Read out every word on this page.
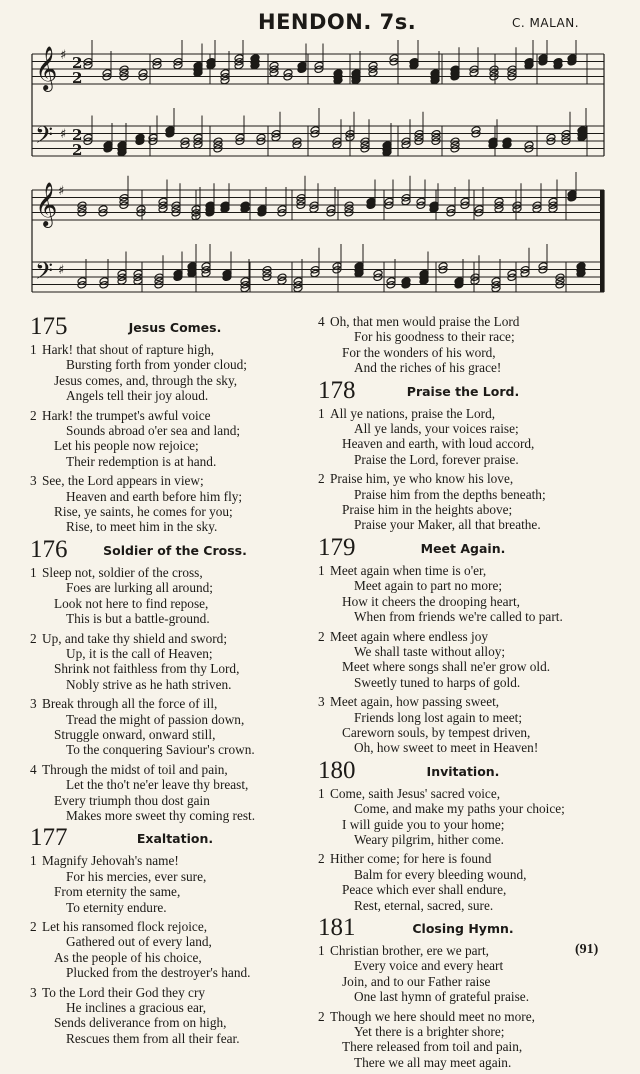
HENDON. 7s.	C. MALAN.
𝄞 ♯ 2
2
𝄢 ♯ 2
2
𝄞 ♯
𝄢 ♯
175	Jesus Comes.
1 Hark! that shout of rapture high,
Bursting forth from yonder cloud;
Jesus comes, and, through the sky,
Angels tell their joy aloud.
2 Hark! the trumpet's awful voice
Sounds abroad o'er sea and land;
Let his people now rejoice;
Their redemption is at hand.
3 See, the Lord appears in view;
Heaven and earth before him fly;
Rise, ye saints, he comes for you;
Rise, to meet him in the sky.
176	Soldier of the Cross.
1 Sleep not, soldier of the cross,
Foes are lurking all around;
Look not here to find repose,
This is but a battle-ground.
2 Up, and take thy shield and sword;
Up, it is the call of Heaven;
Shrink not faithless from thy Lord,
Nobly strive as he hath striven.
3 Break through all the force of ill,
Tread the might of passion down,
Struggle onward, onward still,
To the conquering Saviour's crown.
4 Through the midst of toil and pain,
Let the tho't ne'er leave thy breast,
Every triumph thou dost gain
Makes more sweet thy coming rest.
177	Exaltation.
1 Magnify Jehovah's name!
For his mercies, ever sure,
From eternity the same,
To eternity endure.
2 Let his ransomed flock rejoice,
Gathered out of every land,
As the people of his choice,
Plucked from the destroyer's hand.
3 To the Lord their God they cry
He inclines a gracious ear,
Sends deliverance from on high,
Rescues them from all their fear.
4 Oh, that men would praise the Lord
For his goodness to their race;
For the wonders of his word,
And the riches of his grace!
178	Praise the Lord.
1 All ye nations, praise the Lord,
All ye lands, your voices raise;
Heaven and earth, with loud accord,
Praise the Lord, forever praise.
2 Praise him, ye who know his love,
Praise him from the depths beneath;
Praise him in the heights above;
Praise your Maker, all that breathe.
179	Meet Again.
1 Meet again when time is o'er,
Meet again to part no more;
How it cheers the drooping heart,
When from friends we're called to part.
2 Meet again where endless joy
We shall taste without alloy;
Meet where songs shall ne'er grow old.
Sweetly tuned to harps of gold.
3 Meet again, how passing sweet,
Friends long lost again to meet;
Careworn souls, by tempest driven,
Oh, how sweet to meet in Heaven!
180	Invitation.
1 Come, saith Jesus' sacred voice,
Come, and make my paths your choice;
I will guide you to your home;
Weary pilgrim, hither come.
2 Hither come; for here is found
Balm for every bleeding wound,
Peace which ever shall endure,
Rest, eternal, sacred, sure.
181	Closing Hymn.
1 Christian brother, ere we part,
Every voice and every heart
Join, and to our Father raise
One last hymn of grateful praise.
2 Though we here should meet no more,
Yet there is a brighter shore;
There released from toil and pain,
There we all may meet again.
(91)
